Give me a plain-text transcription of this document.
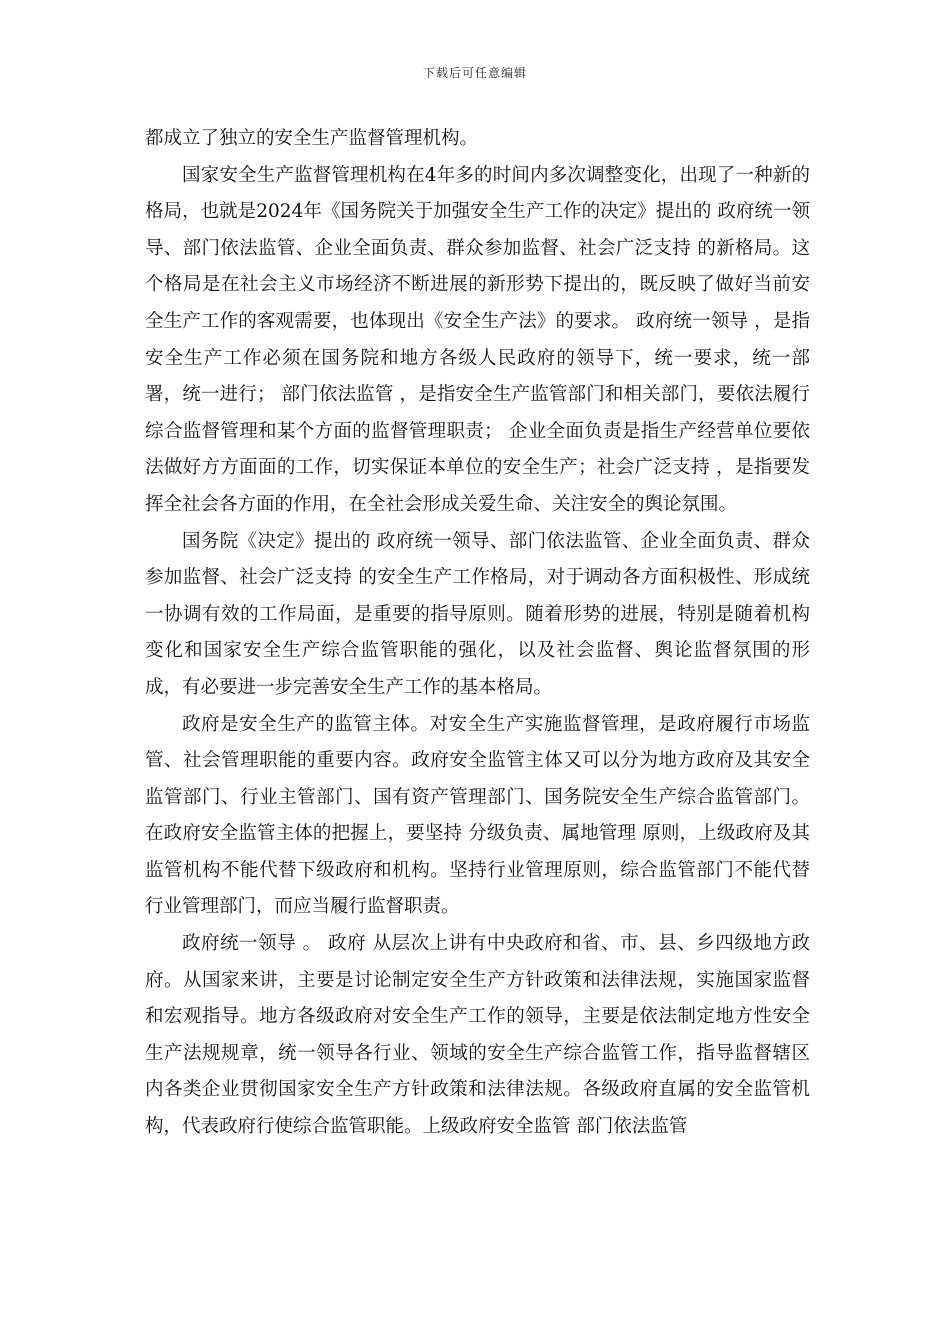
下载后可任意编辑

都成立了独立的安全生产监督管理机构。

国家安全生产监督管理机构在4年多的时间内多次调整变化，出现了一种新的格局，也就是2024年《国务院关于加强安全生产工作的决定》提出的 政府统一领导、部门依法监管、企业全面负责、群众参加监督、社会广泛支持 的新格局。这个格局是在社会主义市场经济不断进展的新形势下提出的，既反映了做好当前安全生产工作的客观需要，也体现出《安全生产法》的要求。 政府统一领导 ，是指安全生产工作必须在国务院和地方各级人民政府的领导下，统一要求，统一部署，统一进行； 部门依法监管 ，是指安全生产监管部门和相关部门，要依法履行综合监督管理和某个方面的监督管理职责； 企业全面负责是指生产经营单位要依法做好方方面面的工作，切实保证本单位的安全生产；社会广泛支持 ，是指要发挥全社会各方面的作用，在全社会形成关爱生命、关注安全的舆论氛围。

国务院《决定》提出的 政府统一领导、部门依法监管、企业全面负责、群众参加监督、社会广泛支持 的安全生产工作格局，对于调动各方面积极性、形成统一协调有效的工作局面，是重要的指导原则。随着形势的进展，特别是随着机构变化和国家安全生产综合监管职能的强化，以及社会监督、舆论监督氛围的形成，有必要进一步完善安全生产工作的基本格局。

政府是安全生产的监管主体。对安全生产实施监督管理，是政府履行市场监管、社会管理职能的重要内容。政府安全监管主体又可以分为地方政府及其安全监管部门、行业主管部门、国有资产管理部门、国务院安全生产综合监管部门。在政府安全监管主体的把握上，要坚持 分级负责、属地管理 原则，上级政府及其监管机构不能代替下级政府和机构。坚持行业管理原则，综合监管部门不能代替行业管理部门，而应当履行监督职责。

政府统一领导 。 政府 从层次上讲有中央政府和省、市、县、乡四级地方政府。从国家来讲，主要是讨论制定安全生产方针政策和法律法规，实施国家监督和宏观指导。地方各级政府对安全生产工作的领导，主要是依法制定地方性安全生产法规规章，统一领导各行业、领域的安全生产综合监管工作，指导监督辖区内各类企业贯彻国家安全生产方针政策和法律法规。各级政府直属的安全监管机构，代表政府行使综合监管职能。上级政府安全监管 部门依法监管
